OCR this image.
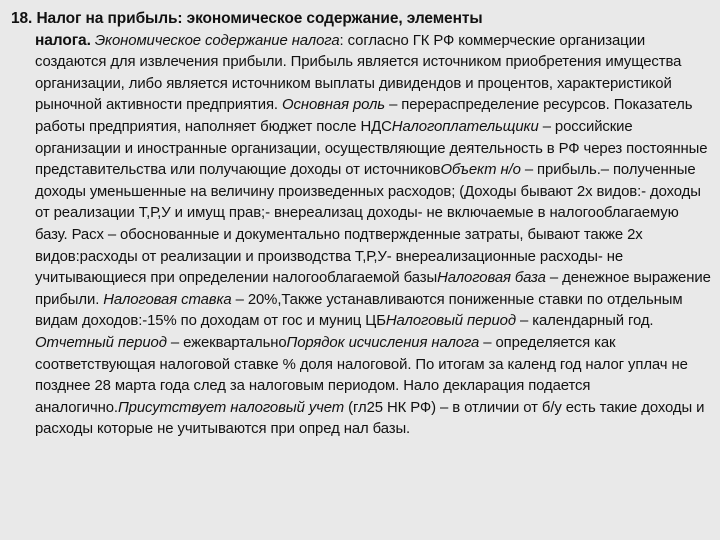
18. Налог на прибыль: экономическое содержание, элементы

налога. Экономическое содержание налога: согласно ГК РФ коммерческие организации создаются для извлечения прибыли. Прибыль является источником приобретения имущества организации, либо является источником выплаты дивидендов и процентов, характеристикой рыночной активности предприятия. Основная роль – перераспределение ресурсов. Показатель работы предприятия, наполняет бюджет после НДСНалогоплательщики – российские организации и иностранные организации, осуществляющие деятельность в РФ через постоянные представительства или получающие доходы от источниковОбъект н/о – прибыль.– полученные доходы уменьшенные на величину произведенных расходов; (Доходы бывают 2х видов:- доходы от реализации Т,Р,У и имущ прав;- внереализац доходы- не включаемые в налогооблагаемую базу. Расх – обоснованные и документально подтвержденные затраты, бывают также 2х видов:расходы от реализации и производства Т,Р,У- внереализационные расходы- не учитывающиеся при определении налогооблагаемой базыНалоговая база – денежное выражение прибыли. Налоговая ставка – 20%,Также устанавливаются пониженные ставки по отдельным видам доходов:-15% по доходам от гос и муниц ЦБНалоговый период – календарный год. Отчетный период – ежеквартальноПорядок исчисления налога – определяется как соответствующая налоговой ставке % доля налоговой. По итогам за календ год налог уплач не позднее 28 марта года след за налоговым периодом. Нало декларация подается аналогично.Присутствует налоговый учет (гл25 НК РФ) – в отличии от б/у есть такие доходы и расходы которые не учитываются при опред нал базы.
